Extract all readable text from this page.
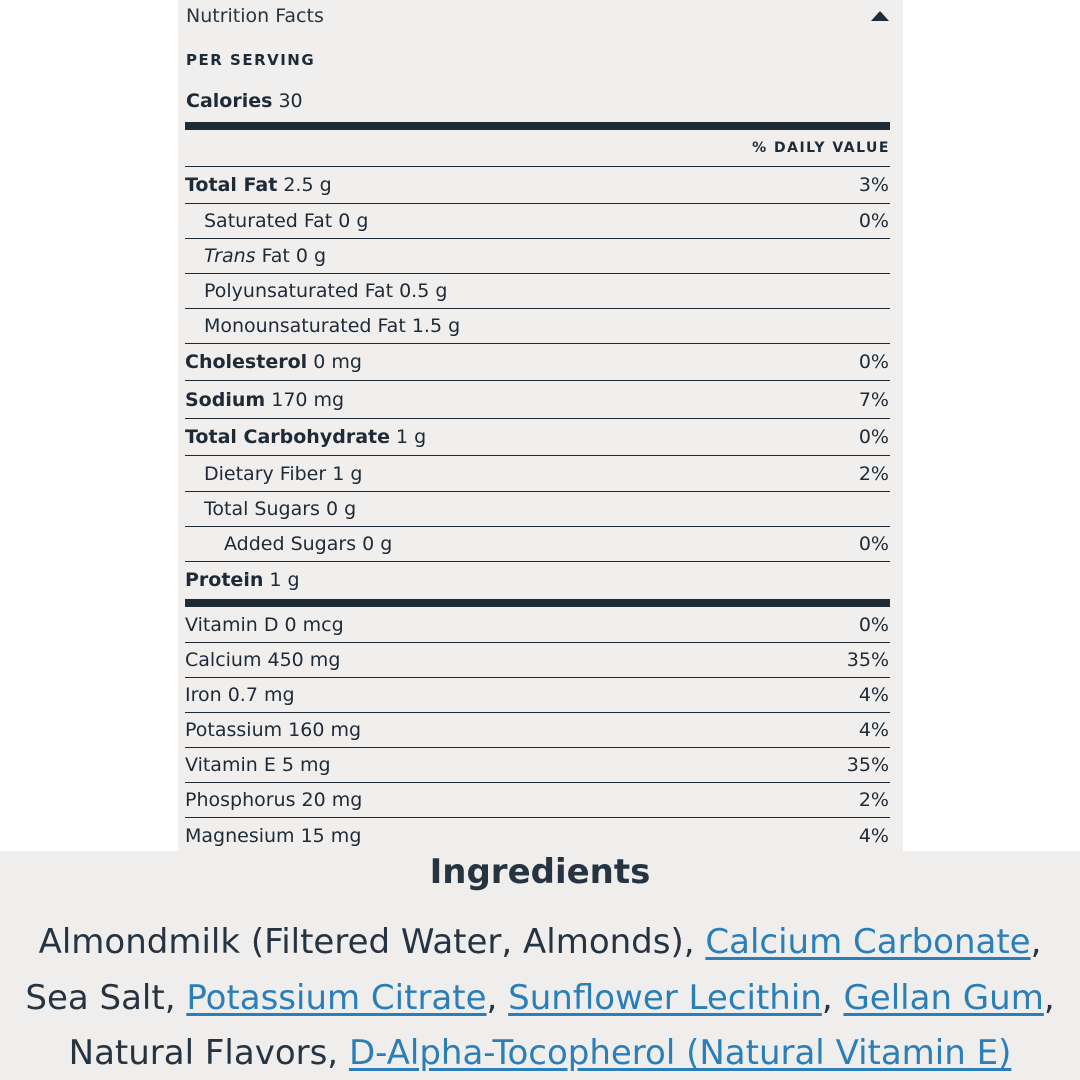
Nutrition Facts
PER SERVING
Calories 30
% DAILY VALUE
Total Fat 2.5 g	3%
Saturated Fat 0 g	0%
Trans Fat 0 g
Polyunsaturated Fat 0.5 g
Monounsaturated Fat 1.5 g
Cholesterol 0 mg	0%
Sodium 170 mg	7%
Total Carbohydrate 1 g	0%
Dietary Fiber 1 g	2%
Total Sugars 0 g
Added Sugars 0 g	0%
Protein 1 g
Vitamin D 0 mcg	0%
Calcium 450 mg	35%
Iron 0.7 mg	4%
Potassium 160 mg	4%
Vitamin E 5 mg	35%
Phosphorus 20 mg	2%
Magnesium 15 mg	4%
Ingredients
Almondmilk (Filtered Water, Almonds), Calcium Carbonate,
Sea Salt, Potassium Citrate, Sunflower Lecithin, Gellan Gum,
Natural Flavors, D-Alpha-Tocopherol (Natural Vitamin E)
